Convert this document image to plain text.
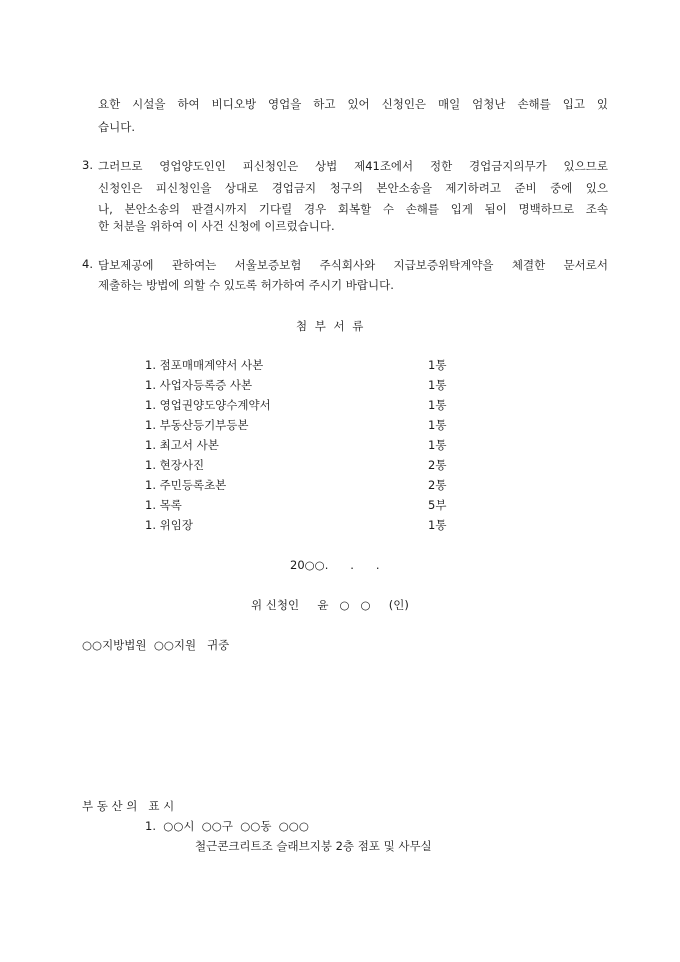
요한 시설을 하여 비디오방 영업을 하고 있어 신청인은 매일 엄청난 손해를 입고 있
습니다.
3. 그러므로 영업양도인인 피신청인은 상법 제41조에서 정한 경업금지의무가 있으므로
신청인은 피신청인을 상대로 경업금지 청구의 본안소송을 제기하려고 준비 중에 있으
나, 본안소송의 판결시까지 기다릴 경우 회복할 수 손해를 입게 됨이 명백하므로 조속
한 처분을 위하여 이 사건 신청에 이르렀습니다.
4. 담보제공에 관하여는 서울보증보험 주식회사와 지급보증위탁계약을 체결한 문서로서
제출하는 방법에 의할 수 있도록 허가하여 주시기 바랍니다.
첨 부 서 류
1. 점포매매계약서 사본	1통
1. 사업자등록증 사본	1통
1. 영업권양도양수계약서	1통
1. 부동산등기부등본	1통
1. 최고서 사본	1통
1. 현장사진	2통
1. 주민등록초본	2통
1. 목록	5부
1. 위임장	1통
20○○.      .      .
위 신청인     윤   ○   ○     (인)
○○지방법원  ○○지원   귀중
부 동 산 의   표 시
1.  ○○시  ○○구  ○○동  ○○○
철근콘크리트조 슬래브지붕 2층 점포 및 사무실
